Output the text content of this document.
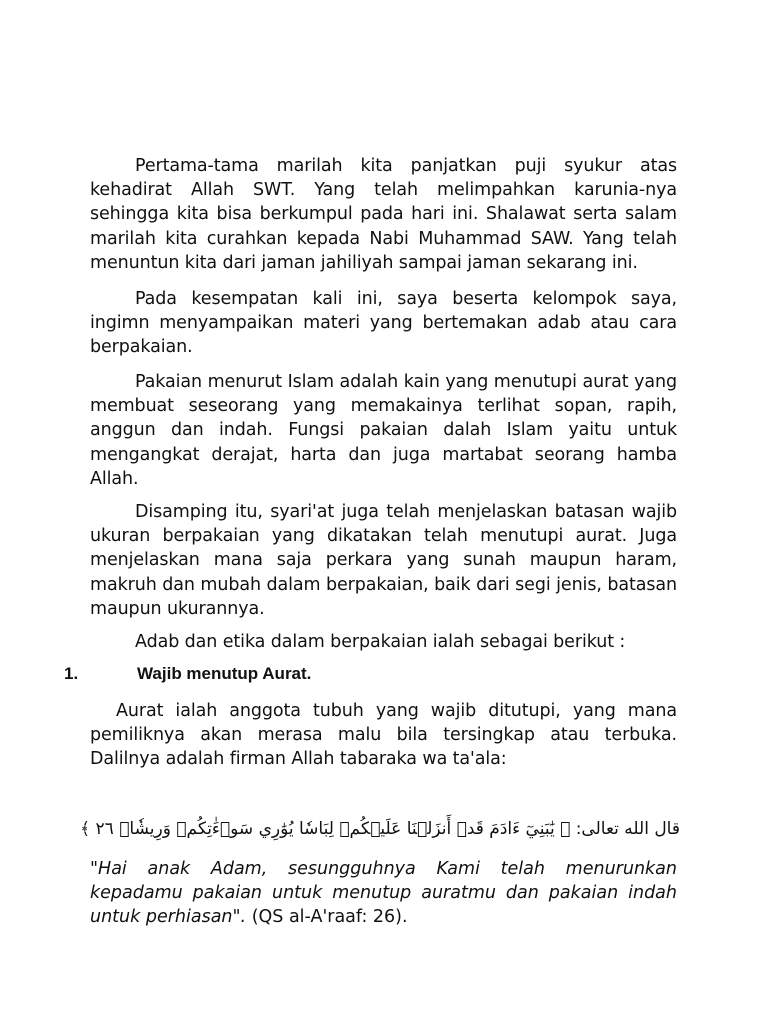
Pertama-tama marilah kita panjatkan puji syukur atas kehadirat Allah SWT. Yang telah melimpahkan karunia-nya sehingga kita bisa berkumpul pada hari ini. Shalawat serta salam marilah kita curahkan kepada Nabi Muhammad SAW. Yang telah menuntun kita dari jaman jahiliyah sampai jaman sekarang ini.

Pada kesempatan kali ini, saya beserta kelompok saya, ingimn menyampaikan materi yang bertemakan adab atau cara berpakaian.

Pakaian menurut Islam adalah kain yang menutupi aurat yang membuat seseorang yang memakainya terlihat sopan, rapih, anggun dan indah. Fungsi pakaian dalah Islam yaitu untuk mengangkat derajat, harta dan juga martabat seorang hamba Allah.

Disamping itu, syari'at juga telah menjelaskan batasan wajib ukuran berpakaian yang dikatakan telah menutupi aurat. Juga menjelaskan mana saja perkara yang sunah maupun haram, makruh dan mubah dalam berpakaian, baik dari segi jenis, batasan maupun ukurannya.

Adab dan etika dalam berpakaian ialah sebagai berikut :

1.	Wajib menutup Aurat.

Aurat ialah anggota tubuh yang wajib ditutupi, yang mana pemiliknya akan merasa malu bila tersingkap atau terbuka. Dalilnya adalah firman Allah tabaraka wa ta'ala:

قال الله تعالى: ﴿ يَٰبَنِيٓ ءَادَمَ قَدۡ أَنزَلۡنَا عَلَيۡكُمۡ لِبَاسٗا يُوَٰرِي سَوۡءَٰتِكُمۡ وَرِيشٗاۖ ٢٦ ﴾

"Hai anak Adam, sesungguhnya Kami telah menurunkan kepadamu pakaian untuk menutup auratmu dan pakaian indah untuk perhiasan". (QS al-A'raaf: 26).
